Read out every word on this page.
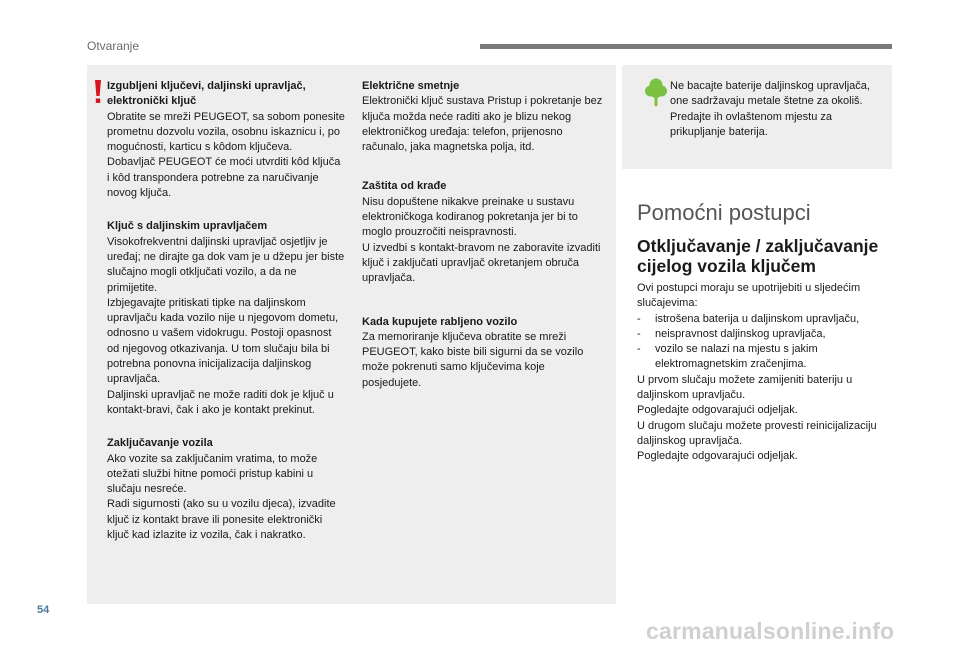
Otvaranje
Izgubljeni ključevi, daljinski upravljač, elektronički ključ

Obratite se mreži PEUGEOT, sa sobom ponesite prometnu dozvolu vozila, osobnu iskaznicu i, po mogućnosti, karticu s kôdom ključeva.
Dobavljač PEUGEOT će moći utvrditi kôd ključa i kôd transpondera potrebne za naručivanje novog ključa.

Ključ s daljinskim upravljačem

Visokofrekventni daljinski upravljač osjetljiv je uređaj; ne dirajte ga dok vam je u džepu jer biste slučajno mogli otključati vozilo, a da ne primijetite.
Izbjegavajte pritiskati tipke na daljinskom upravljaču kada vozilo nije u njegovom dometu, odnosno u vašem vidokrugu. Postoji opasnost od njegovog otkazivanja. U tom slučaju bila bi potrebna ponovna inicijalizacija daljinskog upravljača.
Daljinski upravljač ne može raditi dok je ključ u kontakt-bravi, čak i ako je kontakt prekinut.

Zaključavanje vozila

Ako vozite sa zaključanim vratima, to može otežati službi hitne pomoći pristup kabini u slučaju nesreće.
Radi sigurnosti (ako su u vozilu djeca), izvadite ključ iz kontakt brave ili ponesite elektronički ključ kad izlazite iz vozila, čak i nakratko.

Električne smetnje

Elektronički ključ sustava Pristup i pokretanje bez ključa možda neće raditi ako je blizu nekog elektroničkog uređaja: telefon, prijenosno računalo, jaka magnetska polja, itd.

Zaštita od krađe

Nisu dopuštene nikakve preinake u sustavu elektroničkoga kodiranog pokretanja jer bi to moglo prouzročiti neispravnosti.
U izvedbi s kontakt-bravom ne zaboravite izvaditi ključ i zaključati upravljač okretanjem obruča upravljača.

Kada kupujete rabljeno vozilo

Za memoriranje ključeva obratite se mreži PEUGEOT, kako biste bili sigurni da se vozilo može pokrenuti samo ključevima koje posjedujete.

Ne bacajte baterije daljinskog upravljača, one sadržavaju metale štetne za okoliš.
Predajte ih ovlaštenom mjestu za prikupljanje baterija.
Pomoćni postupci
Otključavanje / zaključavanje cijelog vozila ključem

Ovi postupci moraju se upotrijebiti u sljedećim slučajevima:

- istrošena baterija u daljinskom upravljaču,
- neispravnost daljinskog upravljača,
- vozilo se nalazi na mjestu s jakim elektromagnetskim zračenjima.

U prvom slučaju možete zamijeniti bateriju u daljinskom upravljaču.
Pogledajte odgovarajući odjeljak.
U drugom slučaju možete provesti reinicijalizaciju daljinskog upravljača.
Pogledajte odgovarajući odjeljak.

54
carmanualsonline.info
